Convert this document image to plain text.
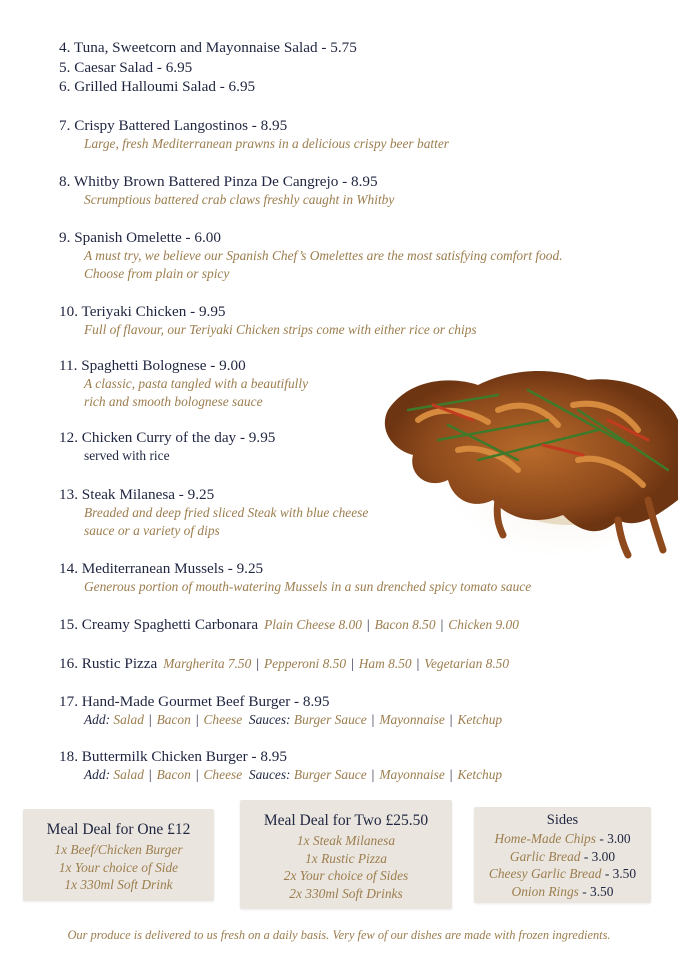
4. Tuna, Sweetcorn and Mayonnaise Salad - 5.75
5. Caesar Salad - 6.95
6. Grilled Halloumi Salad - 6.95
7. Crispy Battered Langostinos - 8.95
Large, fresh Mediterranean prawns in a delicious crispy beer batter
8. Whitby Brown Battered Pinza De Cangrejo - 8.95
Scrumptious battered crab claws freshly caught in Whitby
9. Spanish Omelette - 6.00
A must try, we believe our Spanish Chef’s Omelettes are the most satisfying comfort food.
Choose from plain or spicy
10. Teriyaki Chicken - 9.95
Full of flavour, our Teriyaki Chicken strips come with either rice or chips
11. Spaghetti Bolognese - 9.00
A classic, pasta tangled with a beautifully
rich and smooth bolognese sauce
12. Chicken Curry of the day - 9.95
served with rice
13. Steak Milanesa - 9.25
Breaded and deep fried sliced Steak with blue cheese
sauce or a variety of dips
14. Mediterranean Mussels - 9.25
Generous portion of mouth-watering Mussels in a sun drenched spicy tomato sauce
15. Creamy Spaghetti Carbonara Plain Cheese 8.00 | Bacon 8.50 | Chicken 9.00
16. Rustic Pizza Margherita 7.50 | Pepperoni 8.50 | Ham 8.50 | Vegetarian 8.50
17. Hand-Made Gourmet Beef Burger - 8.95
Add: Salad | Bacon | Cheese Sauces: Burger Sauce | Mayonnaise | Ketchup
18. Buttermilk Chicken Burger - 8.95
Add: Salad | Bacon | Cheese Sauces: Burger Sauce | Mayonnaise | Ketchup
Meal Deal for One £12
1x Beef/Chicken Burger
1x Your choice of Side
1x 330ml Soft Drink
Meal Deal for Two £25.50
1x Steak Milanesa
1x Rustic Pizza
2x Your choice of Sides
2x 330ml Soft Drinks
Sides
Home-Made Chips - 3.00
Garlic Bread - 3.00
Cheesy Garlic Bread - 3.50
Onion Rings - 3.50
Our produce is delivered to us fresh on a daily basis. Very few of our dishes are made with frozen ingredients.
